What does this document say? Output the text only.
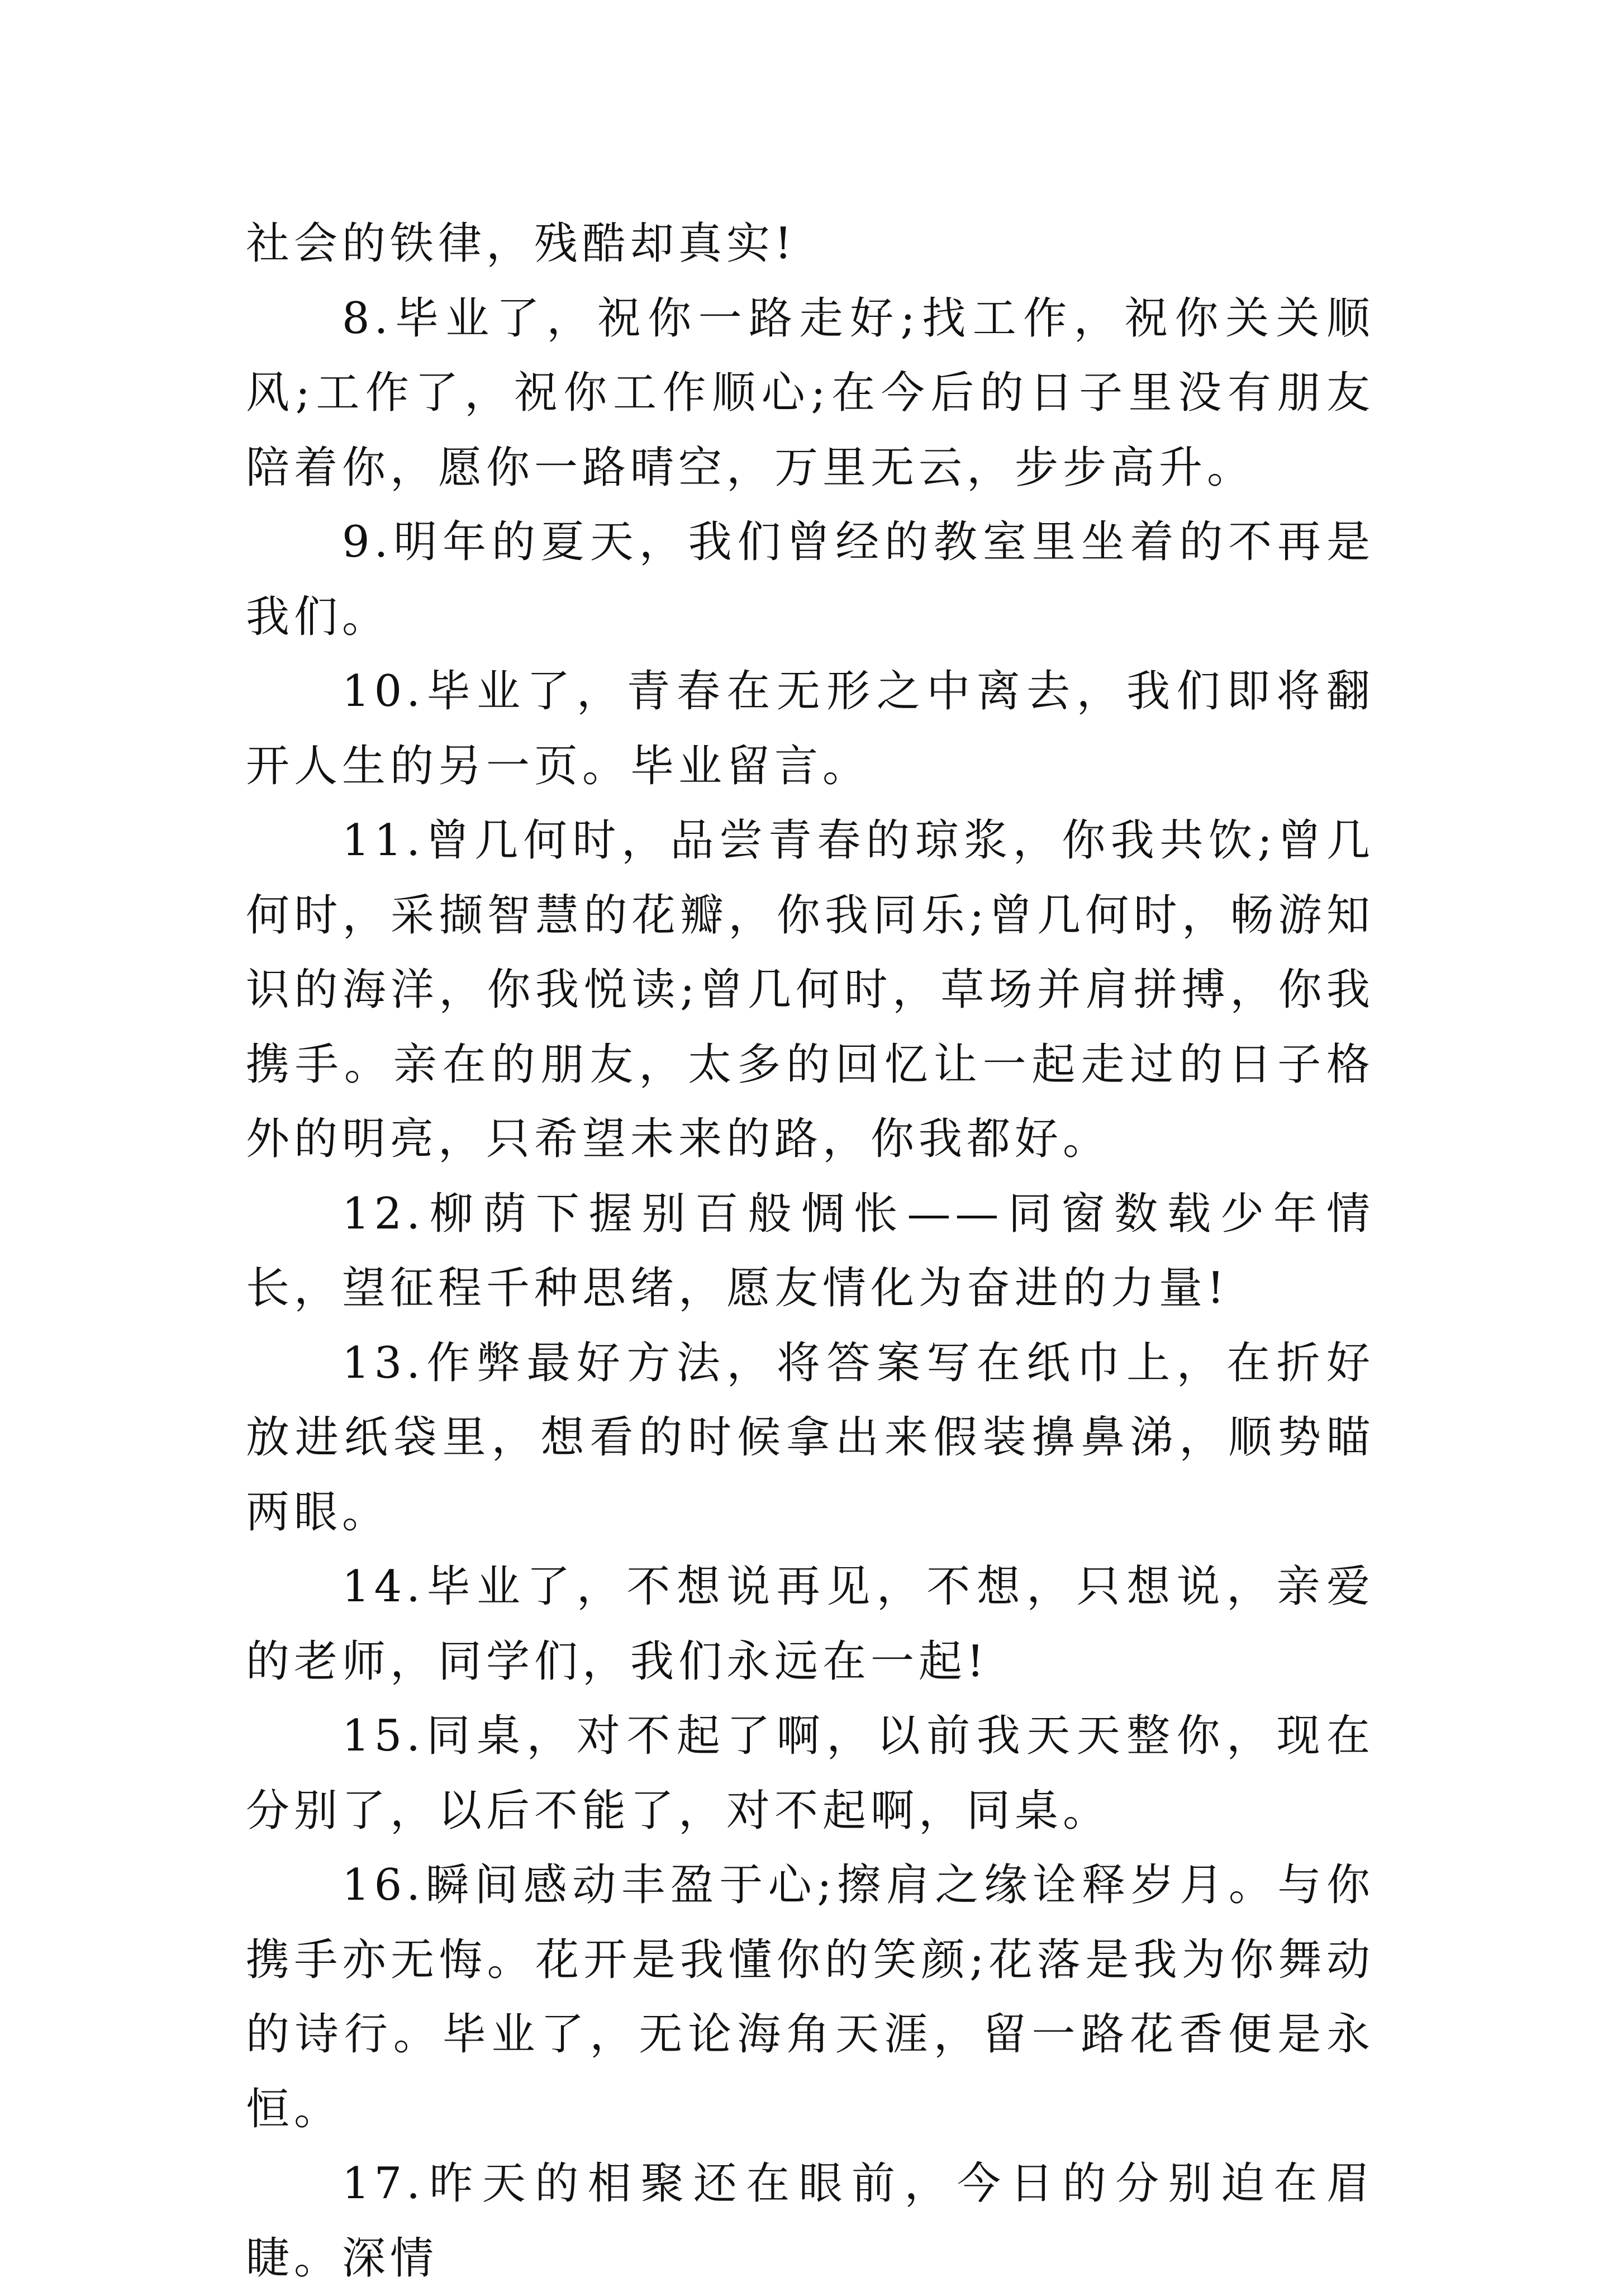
社会的铁律，残酷却真实!

8.毕业了，祝你一路走好;找工作，祝你关关顺风;工作了，祝你工作顺心;在今后的日子里没有朋友陪着你，愿你一路晴空，万里无云，步步高升。

9.明年的夏天，我们曾经的教室里坐着的不再是我们。

10.毕业了，青春在无形之中离去，我们即将翻开人生的另一页。毕业留言。

11.曾几何时，品尝青春的琼浆，你我共饮;曾几何时，采撷智慧的花瓣，你我同乐;曾几何时，畅游知识的海洋，你我悦读;曾几何时，草场并肩拼搏，你我携手。亲在的朋友，太多的回忆让一起走过的日子格外的明亮，只希望未来的路，你我都好。

12.柳荫下握别百般惆怅——同窗数载少年情长，望征程千种思绪，愿友情化为奋进的力量!

13.作弊最好方法，将答案写在纸巾上，在折好放进纸袋里，想看的时候拿出来假装擤鼻涕，顺势瞄两眼。

14.毕业了，不想说再见，不想，只想说，亲爱的老师，同学们，我们永远在一起!

15.同桌，对不起了啊，以前我天天整你，现在分别了，以后不能了，对不起啊，同桌。

16.瞬间感动丰盈于心;擦肩之缘诠释岁月。与你携手亦无悔。花开是我懂你的笑颜;花落是我为你舞动的诗行。毕业了，无论海角天涯，留一路花香便是永恒。

17.昨天的相聚还在眼前，今日的分别迫在眉睫。深情
